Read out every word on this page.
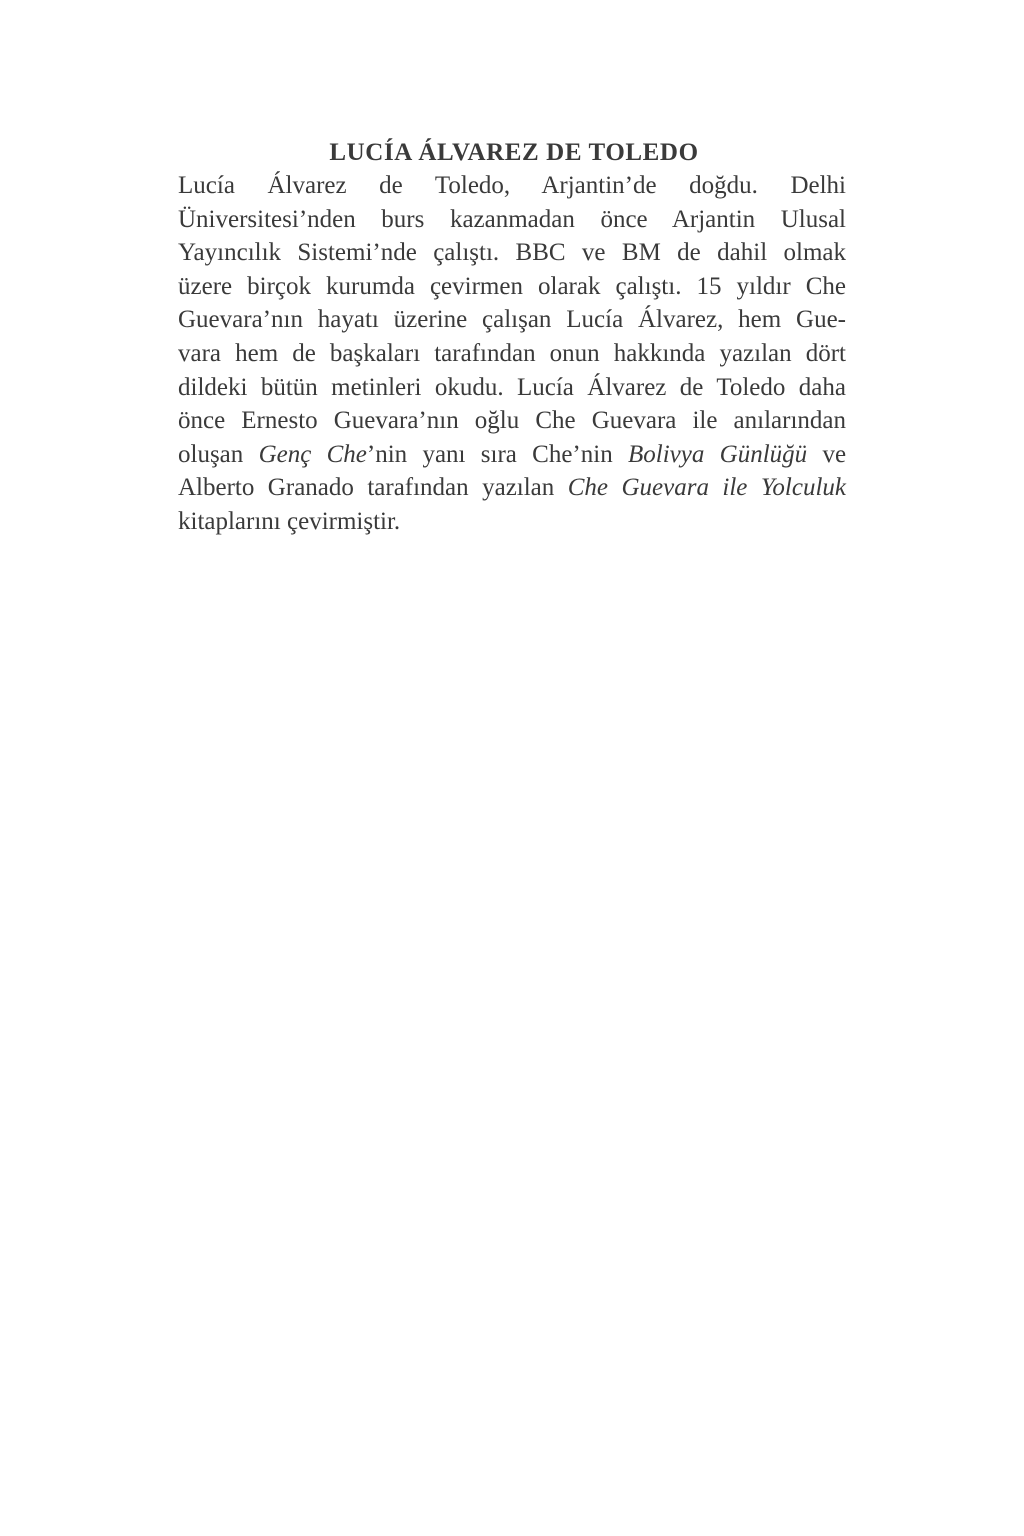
LUCÍA ÁLVAREZ DE TOLEDO

Lucía Álvarez de Toledo, Arjantin’de doğdu. Delhi
Üniversitesi’nden burs kazanmadan önce Arjantin Ulusal
Yayıncılık Sistemi’nde çalıştı. BBC ve BM de dahil olmak
üzere birçok kurumda çevirmen olarak çalıştı. 15 yıldır Che
Guevara’nın hayatı üzerine çalışan Lucía Álvarez, hem Gue-
vara hem de başkaları tarafından onun hakkında yazılan dört
dildeki bütün metinleri okudu. Lucía Álvarez de Toledo daha
önce Ernesto Guevara’nın oğlu Che Guevara ile anılarından
oluşan Genç Che’nin yanı sıra Che’nin Bolivya Günlüğü ve
Alberto Granado tarafından yazılan Che Guevara ile Yolculuk
kitaplarını çevirmiştir.
